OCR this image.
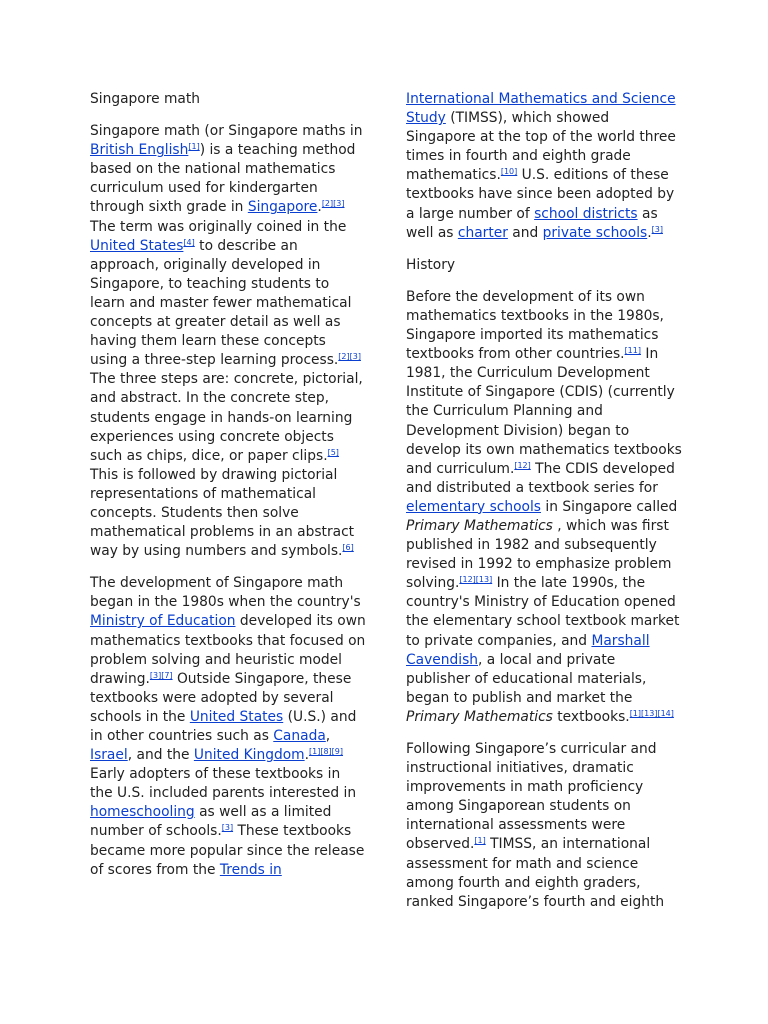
Singapore math

Singapore math (or Singapore maths in British English[1]) is a teaching method based on the national mathematics curriculum used for kindergarten through sixth grade in Singapore.[2][3] The term was originally coined in the United States[4] to describe an approach, originally developed in Singapore, to teaching students to learn and master fewer mathematical concepts at greater detail as well as having them learn these concepts using a three-step learning process.[2][3] The three steps are: concrete, pictorial, and abstract. In the concrete step, students engage in hands-on learning experiences using concrete objects such as chips, dice, or paper clips.[5] This is followed by drawing pictorial representations of mathematical concepts. Students then solve mathematical problems in an abstract way by using numbers and symbols.[6]

The development of Singapore math began in the 1980s when the country's Ministry of Education developed its own mathematics textbooks that focused on problem solving and heuristic model drawing.[3][7] Outside Singapore, these textbooks were adopted by several schools in the United States (U.S.) and in other countries such as Canada, Israel, and the United Kingdom.[1][8][9] Early adopters of these textbooks in the U.S. included parents interested in homeschooling as well as a limited number of schools.[3] These textbooks became more popular since the release of scores from the Trends in

International Mathematics and Science Study (TIMSS), which showed Singapore at the top of the world three times in fourth and eighth grade mathematics.[10] U.S. editions of these textbooks have since been adopted by a large number of school districts as well as charter and private schools.[3]

History

Before the development of its own mathematics textbooks in the 1980s, Singapore imported its mathematics textbooks from other countries.[11] In 1981, the Curriculum Development Institute of Singapore (CDIS) (currently the Curriculum Planning and Development Division) began to develop its own mathematics textbooks and curriculum.[12] The CDIS developed and distributed a textbook series for elementary schools in Singapore called Primary Mathematics , which was first published in 1982 and subsequently revised in 1992 to emphasize problem solving.[12][13] In the late 1990s, the country's Ministry of Education opened the elementary school textbook market to private companies, and Marshall Cavendish, a local and private publisher of educational materials, began to publish and market the Primary Mathematics textbooks.[1][13][14]

Following Singapore’s curricular and instructional initiatives, dramatic improvements in math proficiency among Singaporean students on international assessments were observed.[1] TIMSS, an international assessment for math and science among fourth and eighth graders, ranked Singapore’s fourth and eighth
